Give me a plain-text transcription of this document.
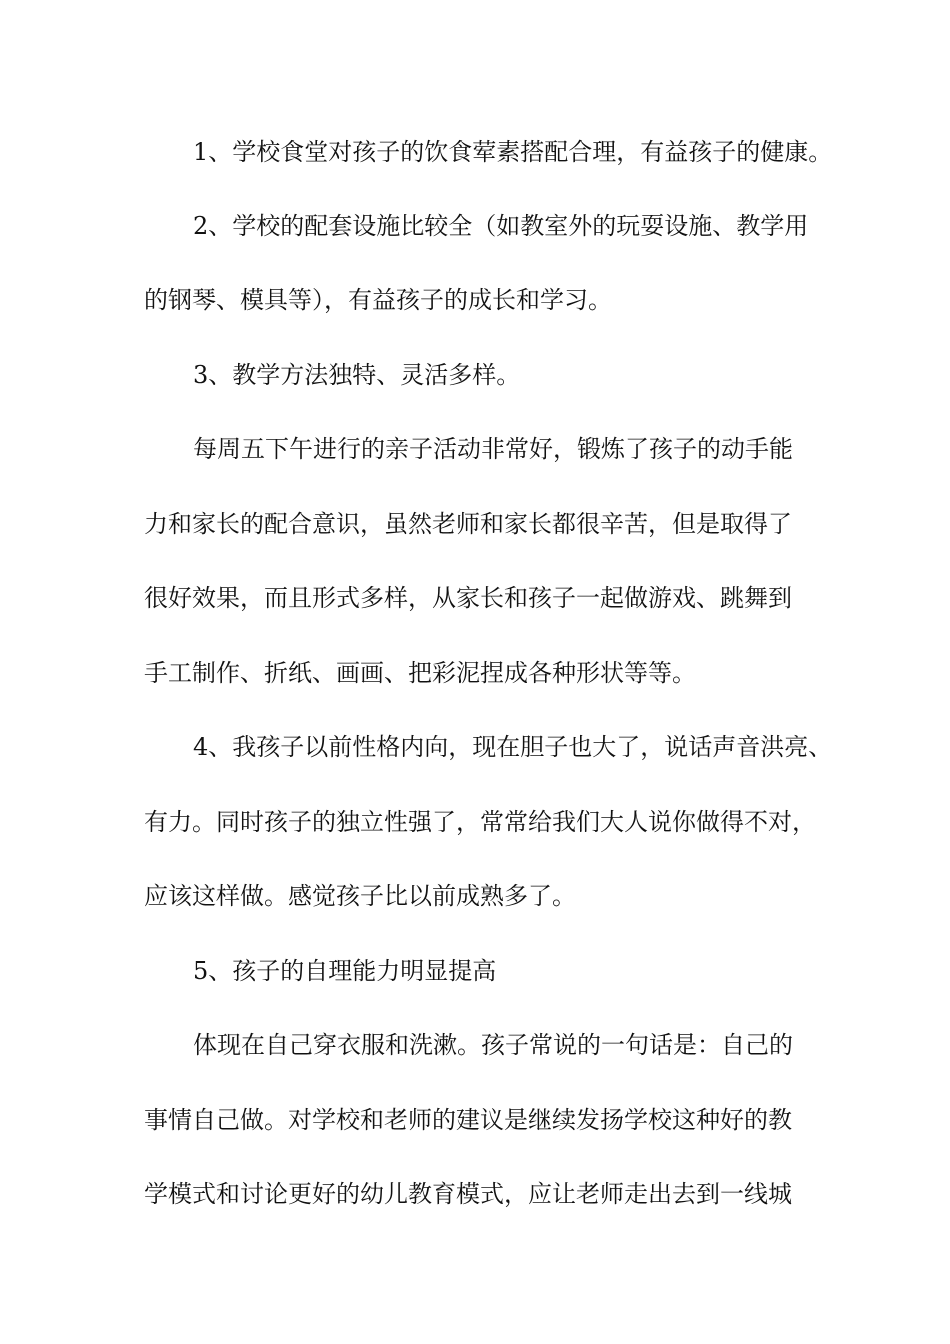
1、学校食堂对孩子的饮食荤素搭配合理，有益孩子的健康。
2、学校的配套设施比较全（如教室外的玩耍设施、教学用
的钢琴、模具等），有益孩子的成长和学习。
3、教学方法独特、灵活多样。
每周五下午进行的亲子活动非常好，锻炼了孩子的动手能
力和家长的配合意识，虽然老师和家长都很辛苦，但是取得了
很好效果，而且形式多样，从家长和孩子一起做游戏、跳舞到
手工制作、折纸、画画、把彩泥捏成各种形状等等。
4、我孩子以前性格内向，现在胆子也大了，说话声音洪亮、
有力。同时孩子的独立性强了，常常给我们大人说你做得不对，
应该这样做。感觉孩子比以前成熟多了。
5、孩子的自理能力明显提高
体现在自己穿衣服和洗漱。孩子常说的一句话是：自己的
事情自己做。对学校和老师的建议是继续发扬学校这种好的教
学模式和讨论更好的幼儿教育模式，应让老师走出去到一线城
